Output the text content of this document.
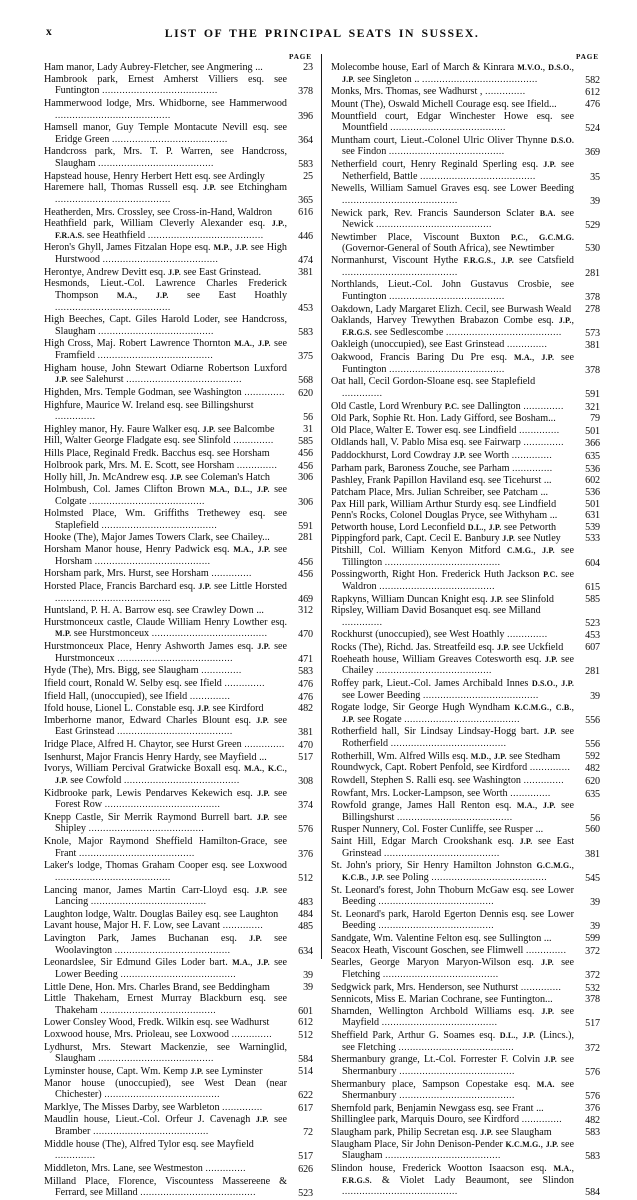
x	LIST OF THE PRINCIPAL SEATS IN SUSSEX.
PAGE
Ham manor, Lady Aubrey-Fletcher, see Angmering ...	23
Hambrook park, Ernest Amherst Villiers esq. see Funtington ........................................	378
Hammerwood lodge, Mrs. Whidborne, see Hammerwood ........................................	396
Hamsell manor, Guy Temple Montacute Nevill esq. see Eridge Green ........................................	364
Handcross park, Mrs. T. P. Warren, see Handcross, Slaugham ........................................	583
Hapstead house, Henry Herbert Hett esq. see Ardingly	25
Haremere hall, Thomas Russell esq. J.P. see Etchingham ........................................	365
Heatherden, Mrs. Crossley, see Cross-in-Hand, Waldron	616
Heathfield park, William Cleverly Alexander esq. J.P., F.R.A.S. see Heathfield ........................................	446
Heron's Ghyll, James Fitzalan Hope esq. M.P., J.P. see High Hurstwood ........................................	474
Herontye, Andrew Devitt esq. J.P. see East Grinstead.	381
Hesmonds, Lieut.-Col. Lawrence Charles Frederick Thompson M.A., J.P. see East Hoathly ........................................	453
High Beeches, Capt. Giles Harold Loder, see Handcross, Slaugham ........................................	583
High Cross, Maj. Robert Lawrence Thornton M.A., J.P. see Framfield ........................................	375
Higham house, John Stewart Odiarne Robertson Luxford J.P. see Salehurst ........................................	568
Highden, Mrs. Temple Godman, see Washington ..............	620
Highfure, Maurice W. Ireland esq. see Billingshurst ..............	56
Highley manor, Hy. Faure Walker esq. J.P. see Balcombe	31
Hill, Walter George Fladgate esq. see Slinfold ..............	585
Hills Place, Reginald Fredk. Bacchus esq. see Horsham	456
Holbrook park, Mrs. M. E. Scott, see Horsham ..............	456
Holly hill, Jn. McAndrew esq. J.P. see Coleman's Hatch	306
Holmbush, Col. James Clifton Brown M.A., D.L., J.P. see Colgate ........................................	306
Holmsted Place, Wm. Griffiths Trethewey esq. see Staplefield ........................................	591
Hooke (The), Major James Towers Clark, see Chailey...	281
Horsham Manor house, Henry Padwick esq. M.A., J.P. see Horsham ........................................	456
Horsham park, Mrs. Hurst, see Horsham ..............	456
Horsted Place, Francis Barchard esq. J.P. see Little Horsted ........................................	469
Huntsland, P. H. A. Barrow esq. see Crawley Down ...	312
Hurstmonceux castle, Claude William Henry Lowther esq. M.P. see Hurstmonceux ........................................	470
Hurstmonceux Place, Henry Ashworth James esq. J.P. see Hurstmonceux ........................................	471
Hyde (The), Mrs. Bigg, see Slaugham ..............	583
Ifield court, Ronald W. Selby esq. see Ifield ..............	476
Ifield Hall, (unoccupied), see Ifield ..............	476
Ifold house, Lionel L. Constable esq. J.P. see Kirdford	482
Imberhorne manor, Edward Charles Blount esq. J.P. see East Grinstead ........................................	381
Iridge Place, Alfred H. Chaytor, see Hurst Green ..............	470
Isenhurst, Major Francis Henry Hardy, see Mayfield ...	517
Ivorys, William Percival Gratwicke Boxall esq. M.A., K.C., J.P. see Cowfold ........................................	308
Kidbrooke park, Lewis Pendarves Kekewich esq. J.P. see Forest Row ........................................	374
Knepp Castle, Sir Merrik Raymond Burrell bart. J.P. see Shipley ........................................	576
Knole, Major Raymond Sheffield Hamilton-Grace, see Frant ........................................	376
Laker's lodge, Thomas Graham Cooper esq. see Loxwood ........................................	512
Lancing manor, James Martin Carr-Lloyd esq. J.P. see Lancing ........................................	483
Laughton lodge, Waltr. Douglas Bailey esq. see Laughton	484
Lavant house, Major H. F. Low, see Lavant ..............	485
Lavington Park, James Buchanan esq. J.P. see Woolavington ........................................	634
Leonardslee, Sir Edmund Giles Loder bart. M.A., J.P. see Lower Beeding ........................................	39
Little Dene, Hon. Mrs. Charles Brand, see Beddingham	39
Little Thakeham, Ernest Murray Blackburn esq. see Thakeham ........................................	601
Lower Consley Wood, Fredk. Wilkin esq. see Wadhurst	612
Loxwood house, Mrs. Prioleau, see Loxwood ..............	512
Lydhurst, Mrs. Stewart Mackenzie, see Warninglid, Slaugham ........................................	584
Lyminster house, Capt. Wm. Kemp J.P. see Lyminster	514
Manor house (unoccupied), see West Dean (near Chichester) ........................................	622
Marklye, The Misses Darby, see Warbleton ..............	617
Maudlin house, Lieut.-Col. Orfeur J. Cavenagh J.P. see Bramber ........................................	72
Middle house (The), Alfred Tylor esq. see Mayfield ..............	517
Middleton, Mrs. Lane, see Westmeston ..............	626
Milland Place, Florence, Viscountess Massereene & Ferrard, see Milland ........................................	523
PAGE
Molecombe house, Earl of March & Kinrara M.V.O., D.S.O., J.P. see Singleton .. ........................................	582
Monks, Mrs. Thomas, see Wadhurst , ..............	612
Mount (The), Oswald Michell Courage esq. see Ifield...	476
Mountfield court, Edgar Winchester Howe esq. see Mountfield ........................................	524
Muntham court, Lieut.-Colonel Ulric Oliver Thynne D.S.O. see Findon ........................................	369
Netherfield court, Henry Reginald Sperling esq. J.P. see Netherfield, Battle ........................................	35
Newells, William Samuel Graves esq. see Lower Beeding ........................................	39
Newick park, Rev. Francis Saunderson Sclater B.A. see Newick ........................................	529
Newtimber Place, Viscount Buxton P.C., G.C.M.G. (Governor-General of South Africa), see Newtimber	530
Normanhurst, Viscount Hythe F.R.G.S., J.P. see Catsfield ........................................	281
Northlands, Lieut.-Col. John Gustavus Crosbie, see Funtington ........................................	378
Oakdown, Lady Margaret Elizh. Cecil, see Burwash Weald	278
Oaklands, Harvey Trewythen Brabazon Combe esq. J.P., F.R.G.S. see Sedlescombe ........................................	573
Oakleigh (unoccupied), see East Grinstead ..............	381
Oakwood, Francis Baring Du Pre esq. M.A., J.P. see Funtington ........................................	378
Oat hall, Cecil Gordon-Sloane esq. see Staplefield ..............	591
Old Castle, Lord Wrenbury P.C. see Dallington ..............	321
Old Park, Sophie Rt. Hon. Lady Gifford, see Bosham...	79
Old Place, Walter E. Tower esq. see Lindfield ..............	501
Oldlands hall, V. Pablo Misa esq. see Fairwarp ..............	366
Paddockhurst, Lord Cowdray J.P. see Worth ..............	635
Parham park, Baroness Zouche, see Parham ..............	536
Pashley, Frank Papillon Haviland esq. see Ticehurst ...	602
Patcham Place, Mrs. Julian Schreiber, see Patcham ...	536
Pax Hill park, William Arthur Sturdy esq. see Lindfield	501
Penn's Rocks, Colonel Douglas Pryce, see Withyham ...	631
Petworth house, Lord Leconfield D.L., J.P. see Petworth	539
Pippingford park, Capt. Cecil E. Banbury J.P. see Nutley	533
Pitshill, Col. William Kenyon Mitford C.M.G., J.P. see Tillington ........................................	604
Possingworth, Right Hon. Frederick Huth Jackson P.C. see Waldron ........................................	615
Rapkyns, William Duncan Knight esq. J.P. see Slinfold	585
Ripsley, William David Bosanquet esq. see Milland ..............	523
Rockhurst (unoccupied), see West Hoathly ..............	453
Rocks (The), Richd. Jas. Streatfeild esq. J.P. see Uckfield	607
Roeheath house, William Greaves Cotesworth esq. J.P. see Chailey ........................................	281
Roffey park, Lieut.-Col. James Archibald Innes D.S.O., J.P. see Lower Beeding ........................................	39
Rogate lodge, Sir George Hugh Wyndham K.C.M.G., C.B., J.P. see Rogate ........................................	556
Rotherfield hall, Sir Lindsay Lindsay-Hogg bart. J.P. see Rotherfield ........................................	556
Rotherhill, Wm. Alfred Wills esq. M.D., J.P. see Stedham	592
Roundwyck, Capt. Robert Penfold, see Kirdford ..............	482
Rowdell, Stephen S. Ralli esq. see Washington ..............	620
Rowfant, Mrs. Locker-Lampson, see Worth ..............	635
Rowfold grange, James Hall Renton esq. M.A., J.P. see Billingshurst ........................................	56
Rusper Nunnery, Col. Foster Cunliffe, see Rusper ...	560
Saint Hill, Edgar March Crookshank esq. J.P. see East Grinstead ........................................	381
St. John's priory, Sir Henry Hamilton Johnston G.C.M.G., K.C.B., J.P. see Poling ........................................	545
St. Leonard's forest, John Thoburn McGaw esq. see Lower Beeding ........................................	39
St. Leonard's park, Harold Egerton Dennis esq. see Lower Beeding ........................................	39
Sandgate, Wm. Valentine Felton esq. see Sullington ...	599
Seacox Heath, Viscount Goschen, see Flimwell ..............	372
Searles, George Maryon Maryon-Wilson esq. J.P. see Fletching ........................................	372
Sedgwick park, Mrs. Henderson, see Nuthurst ..............	532
Sennicots, Miss E. Marian Cochrane, see Funtington...	378
Sharnden, Wellington Archbold Williams esq. J.P. see Mayfield ........................................	517
Sheffield Park, Arthur G. Soames esq. D.L., J.P. (Lincs.), see Fletching ........................................	372
Shermanbury grange, Lt.-Col. Forrester F. Colvin J.P. see Shermanbury ........................................	576
Shermanbury place, Sampson Copestake esq. M.A. see Shermanbury ........................................	576
Shernfold park, Benjamin Newgass esq. see Frant ...	376
Shillinglee park, Marquis Douro, see Kirdford ..............	482
Slaugham park, Philip Secretan esq. J.P. see Slaugham	583
Slaugham Place, Sir John Denison-Pender K.C.M.G., J.P. see Slaugham ........................................	583
Slindon house, Frederick Wootton Isaacson esq. M.A., F.R.G.S. & Violet Lady Beaumont, see Slindon ........................................	584
